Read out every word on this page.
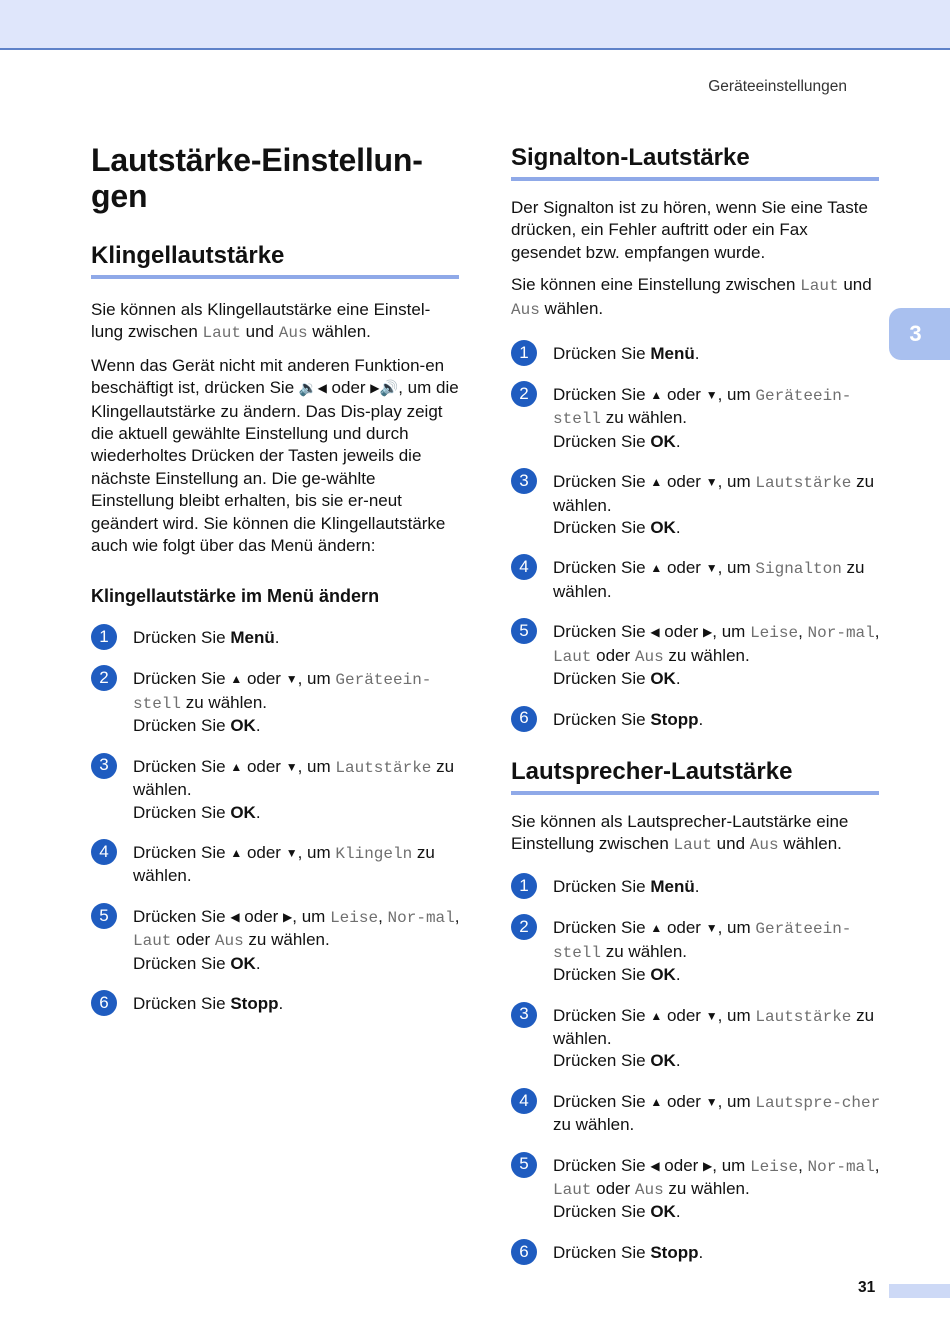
Geräteeinstellungen
3
Lautstärke-Einstellun-gen
Klingellautstärke

Sie können als Klingellautstärke eine Einstel-lung zwischen Laut und Aus wählen.

Wenn das Gerät nicht mit anderen Funktion-en beschäftigt ist, drücken Sie 🔉◀ oder ▶🔊, um die Klingellautstärke zu ändern. Das Dis-play zeigt die aktuell gewählte Einstellung und durch wiederholtes Drücken der Tasten jeweils die nächste Einstellung an. Die ge-wählte Einstellung bleibt erhalten, bis sie er-neut geändert wird. Sie können die Klingellautstärke auch wie folgt über das Menü ändern:

Klingellautstärke im Menü ändern
1	Drücken Sie Menü.
2	Drücken Sie ▲ oder ▼, um Geräteein-stell zu wählen.
Drücken Sie OK.
3	Drücken Sie ▲ oder ▼, um Lautstärke zu wählen.
Drücken Sie OK.
4	Drücken Sie ▲ oder ▼, um Klingeln zu wählen.
5	Drücken Sie ◀ oder ▶, um Leise, Nor-mal, Laut oder Aus zu wählen.
Drücken Sie OK.
6	Drücken Sie Stopp.
Signalton-Lautstärke

Der Signalton ist zu hören, wenn Sie eine Taste drücken, ein Fehler auftritt oder ein Fax gesendet bzw. empfangen wurde.

Sie können eine Einstellung zwischen Laut und Aus wählen.

1	Drücken Sie Menü.
2	Drücken Sie ▲ oder ▼, um Geräteein-stell zu wählen.
Drücken Sie OK.
3	Drücken Sie ▲ oder ▼, um Lautstärke zu wählen.
Drücken Sie OK.
4	Drücken Sie ▲ oder ▼, um Signalton zu wählen.
5	Drücken Sie ◀ oder ▶, um Leise, Nor-mal, Laut oder Aus zu wählen.
Drücken Sie OK.
6	Drücken Sie Stopp.
Lautsprecher-Lautstärke

Sie können als Lautsprecher-Lautstärke eine Einstellung zwischen Laut und Aus wählen.

1	Drücken Sie Menü.
2	Drücken Sie ▲ oder ▼, um Geräteein-stell zu wählen.
Drücken Sie OK.
3	Drücken Sie ▲ oder ▼, um Lautstärke zu wählen.
Drücken Sie OK.
4	Drücken Sie ▲ oder ▼, um Lautspre-cher zu wählen.
5	Drücken Sie ◀ oder ▶, um Leise, Nor-mal, Laut oder Aus zu wählen.
Drücken Sie OK.
6	Drücken Sie Stopp.
31
